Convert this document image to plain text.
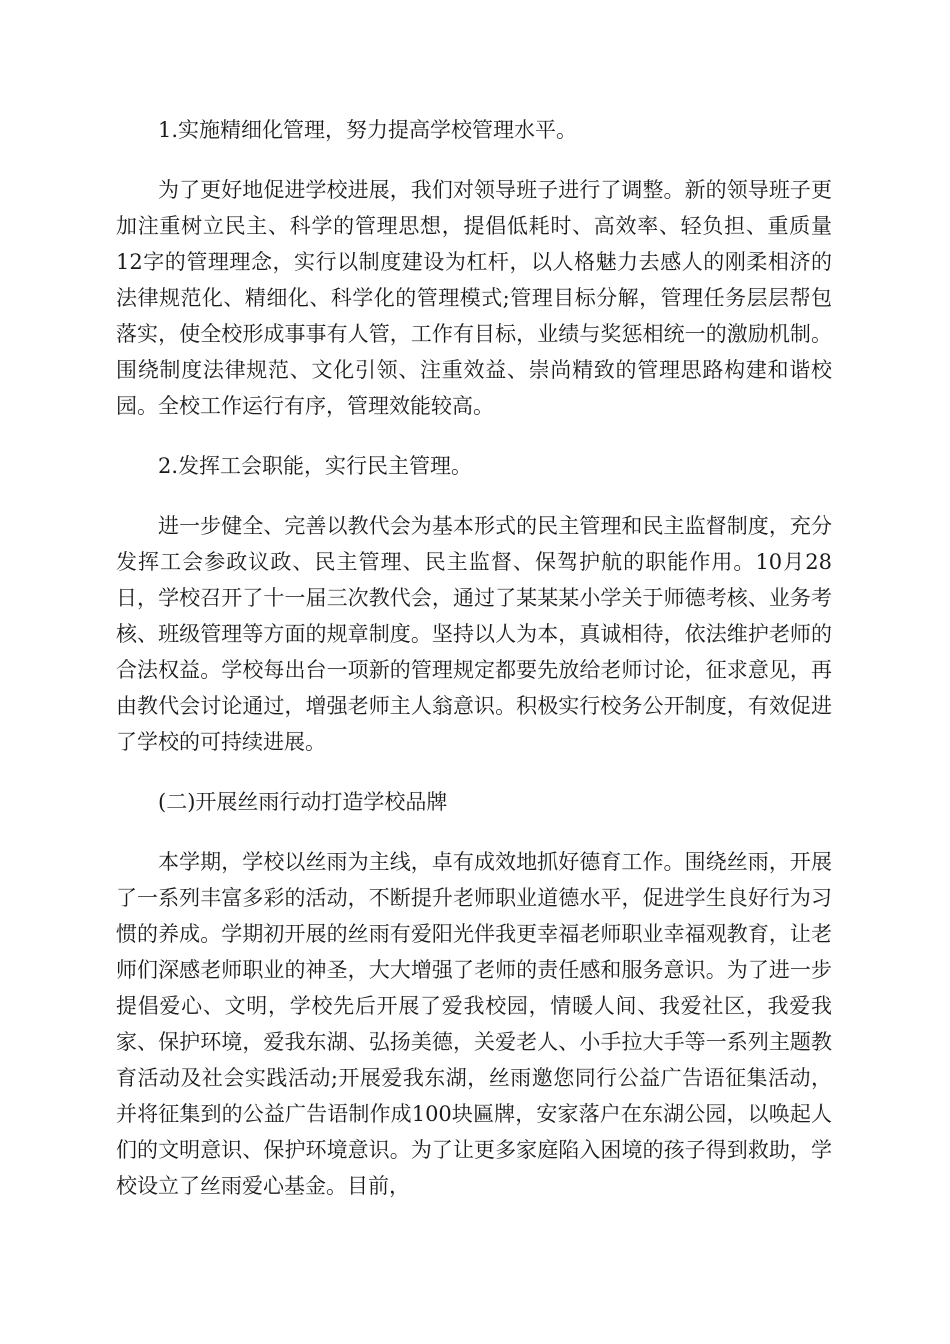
1.实施精细化管理，努力提高学校管理水平。

为了更好地促进学校进展，我们对领导班子进行了调整。新的领导班子更加注重树立民主、科学的管理思想，提倡低耗时、高效率、轻负担、重质量12字的管理理念，实行以制度建设为杠杆，以人格魅力去感人的刚柔相济的法律规范化、精细化、科学化的管理模式;管理目标分解，管理任务层层帮包落实，使全校形成事事有人管，工作有目标，业绩与奖惩相统一的激励机制。围绕制度法律规范、文化引领、注重效益、崇尚精致的管理思路构建和谐校园。全校工作运行有序，管理效能较高。

2.发挥工会职能，实行民主管理。

进一步健全、完善以教代会为基本形式的民主管理和民主监督制度，充分发挥工会参政议政、民主管理、民主监督、保驾护航的职能作用。10月28日，学校召开了十一届三次教代会，通过了某某某小学关于师德考核、业务考核、班级管理等方面的规章制度。坚持以人为本，真诚相待，依法维护老师的合法权益。学校每出台一项新的管理规定都要先放给老师讨论，征求意见，再由教代会讨论通过，增强老师主人翁意识。积极实行校务公开制度，有效促进了学校的可持续进展。

(二)开展丝雨行动打造学校品牌

本学期，学校以丝雨为主线，卓有成效地抓好德育工作。围绕丝雨，开展了一系列丰富多彩的活动，不断提升老师职业道德水平，促进学生良好行为习惯的养成。学期初开展的丝雨有爱阳光伴我更幸福老师职业幸福观教育，让老师们深感老师职业的神圣，大大增强了老师的责任感和服务意识。为了进一步提倡爱心、文明，学校先后开展了爱我校园，情暖人间、我爱社区，我爱我家、保护环境，爱我东湖、弘扬美德，关爱老人、小手拉大手等一系列主题教育活动及社会实践活动;开展爱我东湖，丝雨邀您同行公益广告语征集活动，并将征集到的公益广告语制作成100块匾牌，安家落户在东湖公园，以唤起人们的文明意识、保护环境意识。为了让更多家庭陷入困境的孩子得到救助，学校设立了丝雨爱心基金。目前，
